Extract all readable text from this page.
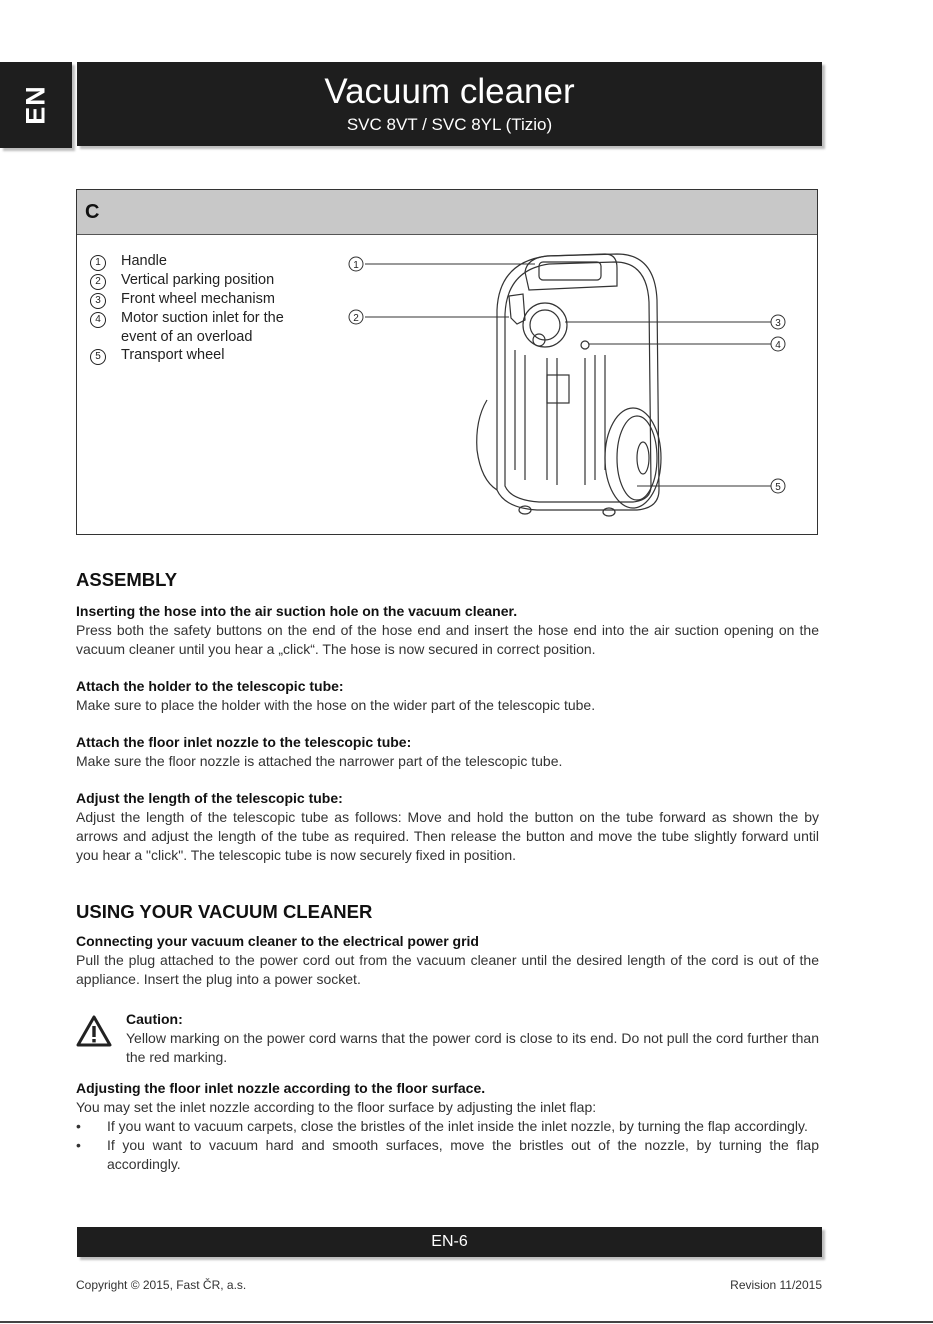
EN	Vacuum cleaner
SVC 8VT / SVC 8YL (Tizio)
C
1	Handle
2	Vertical parking position
3	Front wheel mechanism
4	Motor suction inlet for the event of an overload
5	Transport wheel
1
2	3
4
5
ASSEMBLY
Inserting the hose into the air suction hole on the vacuum cleaner.

Press both the safety buttons on the end of the hose end and insert the hose end into the air suction opening on the vacuum cleaner until you hear a „click“. The hose is now secured in correct position.

Attach the holder to the telescopic tube:

Make sure to place the holder with the hose on the wider part of the telescopic tube.

Attach the floor inlet nozzle to the telescopic tube:

Make sure the floor nozzle is attached the narrower part of the telescopic tube.

Adjust the length of the telescopic tube:

Adjust the length of the telescopic tube as follows: Move and hold the button on the tube forward as shown the by arrows and adjust the length of the tube as required. Then release the button and move the tube slightly forward until you hear a "click". The telescopic tube is now securely fixed in position.

USING YOUR VACUUM CLEANER
Connecting your vacuum cleaner to the electrical power grid

Pull the plug attached to the power cord out from the vacuum cleaner until the desired length of the cord is out of the appliance. Insert the plug into a power socket.

Caution:

Yellow marking on the power cord warns that the power cord is close to its end. Do not pull the cord further than the red marking.

Adjusting the floor inlet nozzle according to the floor surface.

You may set the inlet nozzle according to the floor surface by adjusting the inlet flap:

• If you want to vacuum carpets, close the bristles of the inlet inside the inlet nozzle, by turning the flap accordingly.
• If you want to vacuum hard and smooth surfaces, move the bristles out of the nozzle, by turning the flap accordingly.
EN-6
Copyright © 2015, Fast ČR, a.s.	Revision 11/2015
